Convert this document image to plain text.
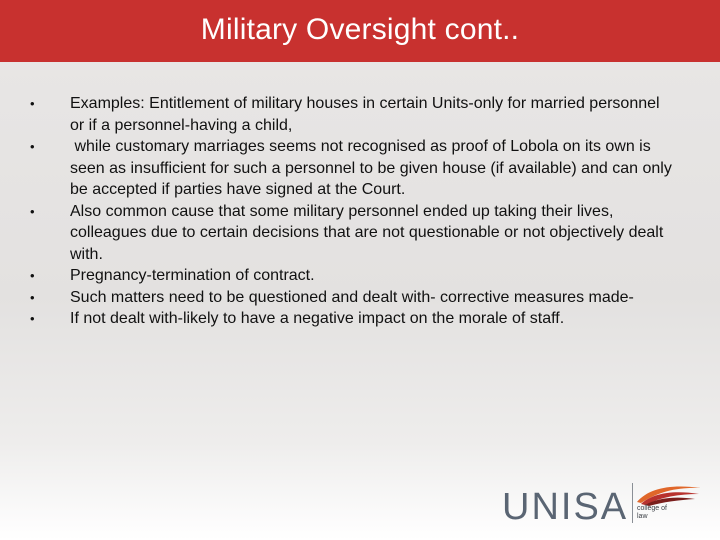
Military Oversight cont..
•	Examples: Entitlement of military houses in certain Units-only for married personnel or if a personnel-having a child,
•	while customary marriages seems not recognised as proof of Lobola on its own is seen as insufficient for such a personnel to be given house (if available) and can only be accepted if parties have signed at the Court.
•	Also common cause that some military personnel ended up taking their lives, colleagues due to certain decisions that are not questionable or not objectively dealt with.
•	Pregnancy-termination of contract.
•	Such matters need to be questioned and dealt with- corrective measures made-
•	If not dealt with-likely to have a negative impact on the morale of staff.
UNISA college of
law
